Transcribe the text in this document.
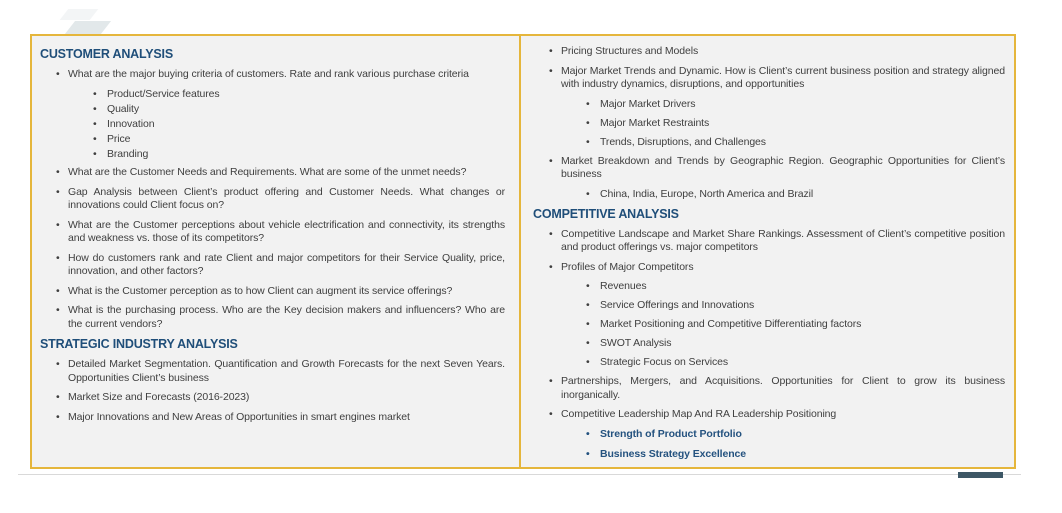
CUSTOMER ANALYSIS
• What are the major buying criteria of customers. Rate and rank various purchase criteria
• Product/Service features
• Quality
• Innovation
• Price
• Branding
• What are the Customer Needs and Requirements. What are some of the unmet needs?
• Gap Analysis between Client’s product offering and Customer Needs. What changes or innovations could Client focus on?
• What are the Customer perceptions about vehicle electrification and connectivity, its strengths and weakness vs. those of its competitors?
• How do customers rank and rate Client and major competitors for their Service Quality, price, innovation, and other factors?
• What is the Customer perception as to how Client can augment its service offerings?
• What is the purchasing process. Who are the Key decision makers and influencers? Who are the current vendors?
STRATEGIC INDUSTRY ANALYSIS
• Detailed Market Segmentation. Quantification and Growth Forecasts for the next Seven Years. Opportunities Client’s business
• Market Size and Forecasts (2016-2023)
• Major Innovations and New Areas of Opportunities in smart engines market
• Pricing Structures and Models
• Major Market Trends and Dynamic. How is Client’s current business position and strategy aligned with industry dynamics, disruptions, and opportunities
• Major Market Drivers
• Major Market Restraints
• Trends, Disruptions, and Challenges
• Market Breakdown and Trends by Geographic Region. Geographic Opportunities for Client’s business
• China, India, Europe, North America and Brazil
COMPETITIVE ANALYSIS
• Competitive Landscape and Market Share Rankings. Assessment of Client’s competitive position and product offerings vs. major competitors
• Profiles of Major Competitors
• Revenues
• Service Offerings and Innovations
• Market Positioning and Competitive Differentiating factors
• SWOT Analysis
• Strategic Focus on Services
• Partnerships, Mergers, and Acquisitions. Opportunities for Client to grow its business inorganically.
• Competitive Leadership Map And RA Leadership Positioning
• Strength of Product Portfolio
• Business Strategy Excellence
